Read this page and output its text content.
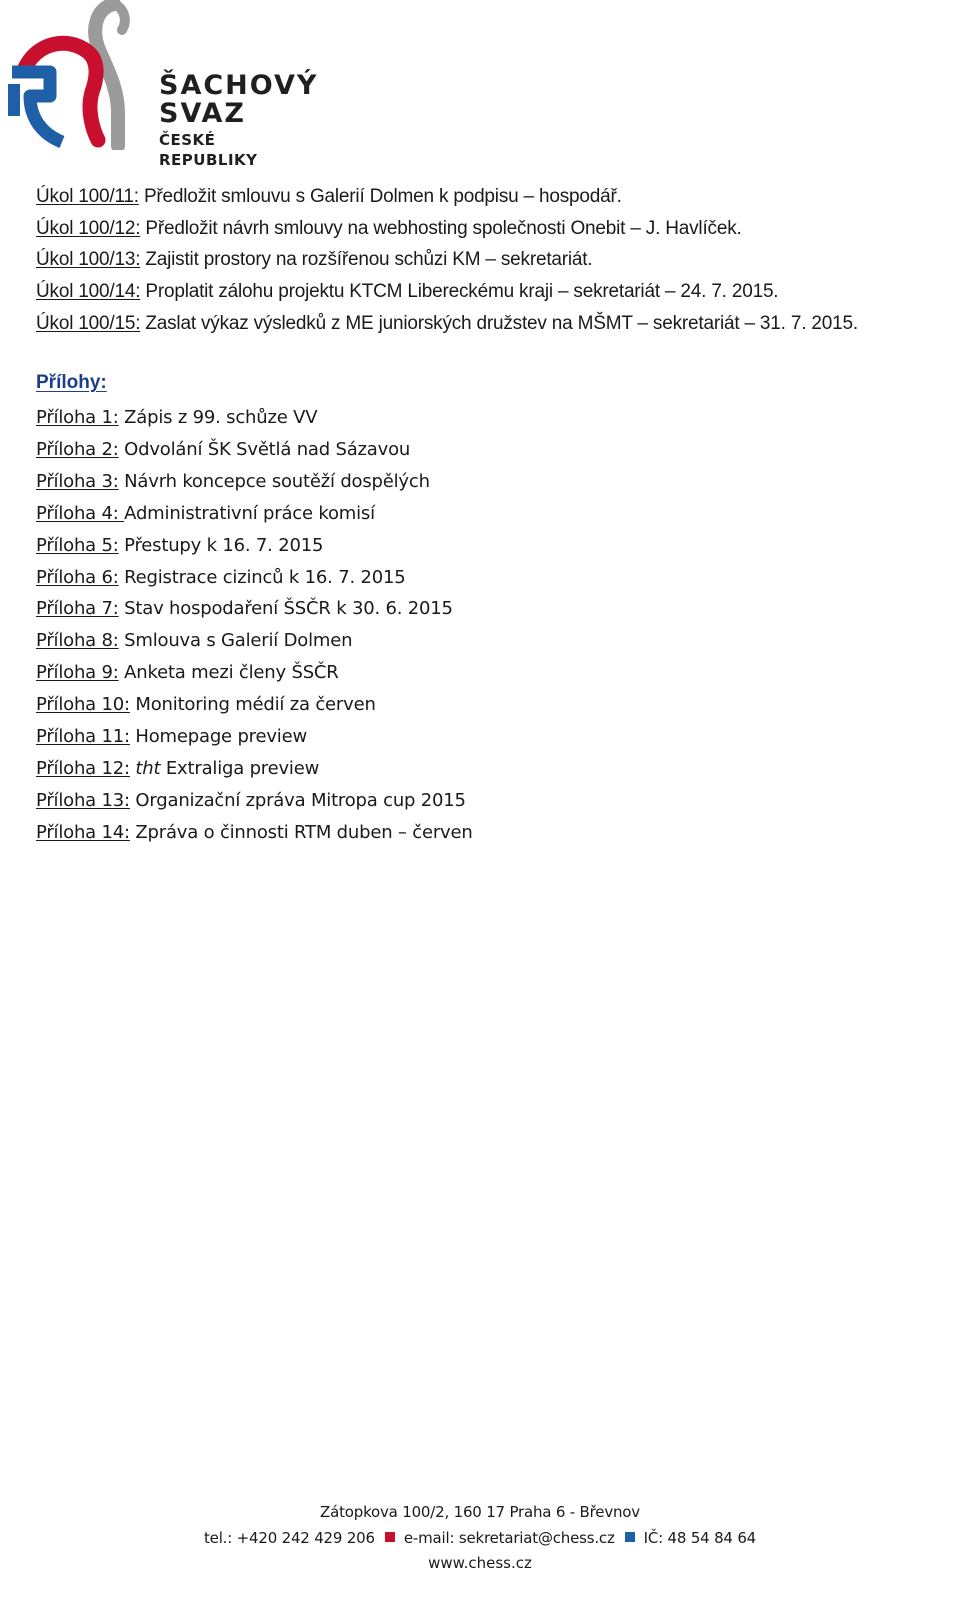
ŠACHOVÝ
SVAZ
ČESKÉ REPUBLIKY
Úkol 100/11: Předložit smlouvu s Galerií Dolmen k podpisu – hospodář.
Úkol 100/12: Předložit návrh smlouvy na webhosting společnosti Onebit – J. Havlíček.
Úkol 100/13: Zajistit prostory na rozšířenou schůzi KM – sekretariát.
Úkol 100/14: Proplatit zálohu projektu KTCM Libereckému kraji – sekretariát – 24. 7. 2015.
Úkol 100/15: Zaslat výkaz výsledků z ME juniorských družstev na MŠMT – sekretariát – 31. 7. 2015.
Přílohy:
Příloha 1: Zápis z 99. schůze VV
Příloha 2: Odvolání ŠK Světlá nad Sázavou
Příloha 3: Návrh koncepce soutěží dospělých
Příloha 4: Administrativní práce komisí
Příloha 5: Přestupy k 16. 7. 2015
Příloha 6: Registrace cizinců k 16. 7. 2015
Příloha 7: Stav hospodaření ŠSČR k 30. 6. 2015
Příloha 8: Smlouva s Galerií Dolmen
Příloha 9: Anketa mezi členy ŠSČR
Příloha 10: Monitoring médií za červen
Příloha 11: Homepage preview
Příloha 12: tht Extraliga preview
Příloha 13: Organizační zpráva Mitropa cup 2015
Příloha 14: Zpráva o činnosti RTM duben – červen
Zátopkova 100/2, 160 17 Praha 6 - Břevnov
tel.: +420 242 429 206 e-mail: sekretariat@chess.cz IČ: 48 54 84 64
www.chess.cz
